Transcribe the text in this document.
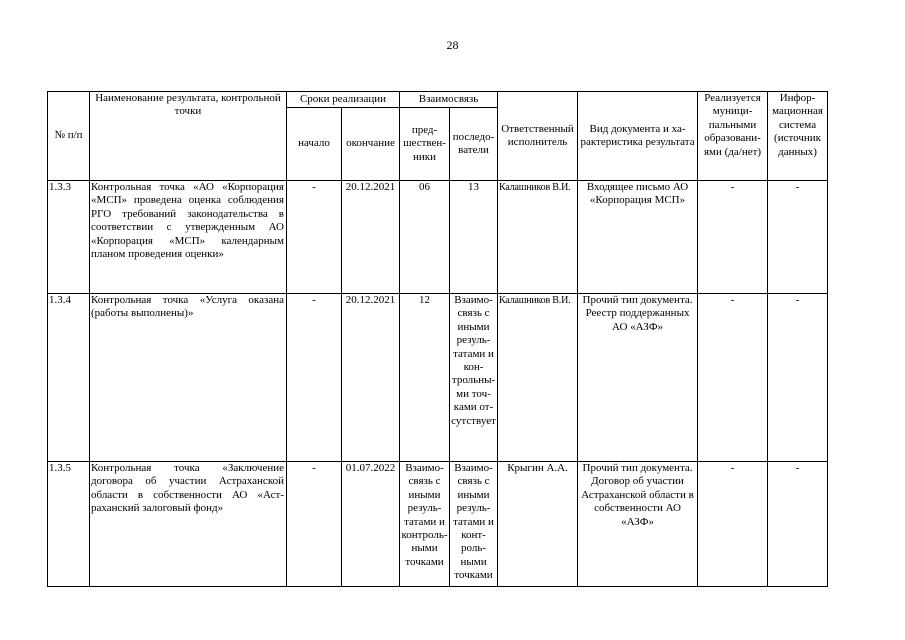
28
№ п/п	Наименование результата, контрольной точки	Сроки реализации		Взаимосвязь		Ответственный исполнитель	Вид документа и характеристика результата	Реализуется муниципальными образованиями (да/нет)	Информационная система (источник данных)
		начало	окончание	предшественники	последователи				
1.3.3	Контрольная точка «АО «Корпорация «МСП» проведена оценка соблюдения РГО требований законодательства в соответствии с утвержденным АО «Корпорация «МСП» календарным планом проведения оценки»	-	20.12.2021	06	13	Калашников В.И.	Входящее письмо АО «Корпорация МСП»	-	-
1.3.4	Контрольная точка «Услуга оказана (работы выполнены)»	-	20.12.2021	12	Взаимосвязь с иными результатами и контрольными точками отсутствует	Калашников В.И.	Прочий тип документа. Реестр поддержанных АО «АЗФ»	-	-
1.3.5	Контрольная точка «Заключение договора об участии Астраханской области в собственности АО «Астраханский залоговый фонд»	-	01.07.2022	Взаимосвязь с иными результатами и контрольными точками	Взаимосвязь с иными результатами и контрольными точками	Крыгин А.А.	Прочий тип документа. Договор об участии Астраханской области в собственности АО «АЗФ»	-	-
